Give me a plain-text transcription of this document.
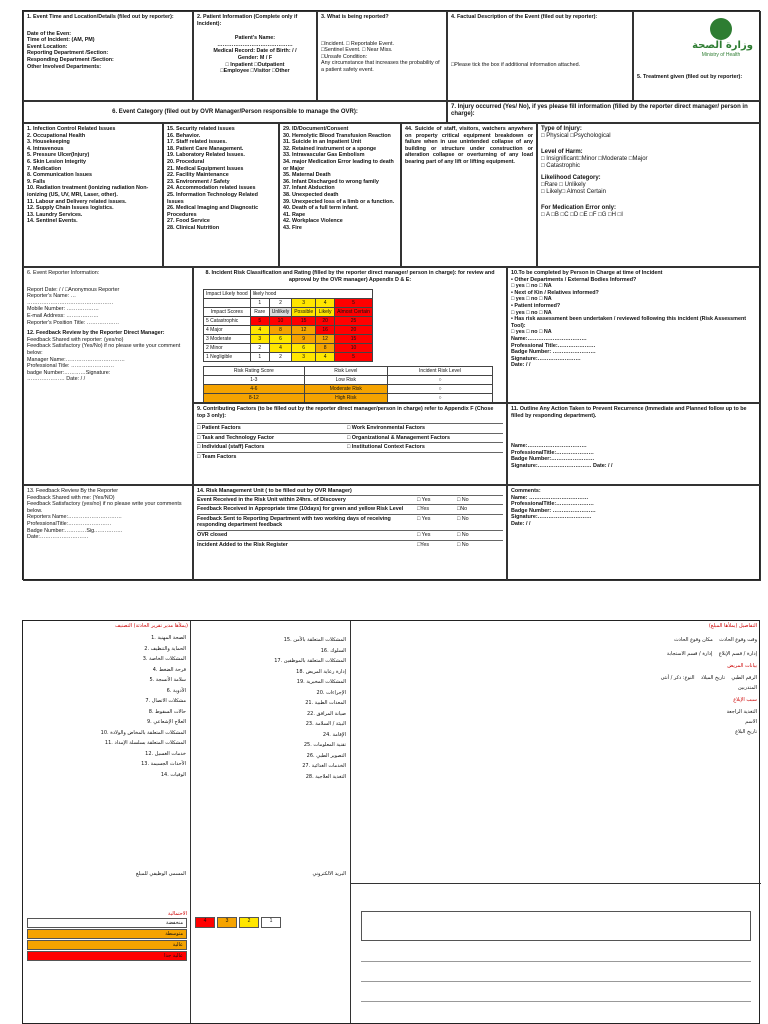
1. Event Time and Location/Details (filed out by reporter):
Date of the Even:
Time of Incident: (AM, PM)
Event Location:
Reporting Department /Section:
Responding Department /Section:
Other Involved Departments:
2. Patient Information (Complete only if Incident):
Patient's Name:
……………………………………
Medical Record: Date of Birth: / /
Gender: M / F
□ Inpatient □Outpatient
□Employee □Visitor □Other
3. What is being reported?
□Incident. □ Reportable Event.
□Sentinel Event. □ Near Miss.
□Unsafe Condition:
Any circumstance that increases the probability of a patient safety event.
4. Factual Description of the Event (filed out by reporter):
□Please tick the box if additional information attached.
وزارة الصحة
Ministry of Health
5. Treatment given (filed out by reporter):
6. Event Category (filed out by OVR Manager/Person responsible to manage the OVR):
7. Injury occurred (Yes/ No), if yes please fill information (filled by the reporter direct manager/ person in charge):
1. Infection Control Related Issues
2. Occupational Health
3. Housekeeping
4. Intravenous
5. Pressure Ulcer(Injury)
6. Skin Lesion Integrity
7. Medication
8. Communication Issues
9. Falls
10. Radiation treatment (ionizing radiation Non-ionizing (US, UV, MRI, Laser, other).
11. Labour and Delivery related issues.
12. Supply Chain Issues logistics.
13. Laundry Services.
14. Sentinel Events.
15. Security related issues
16. Behavior.
17. Staff related issues.
18. Patient Care Management.
19. Laboratory Related Issues.
20. Procedural
21. Medical Equipment Issues
22. Facility Maintenance
23. Environment / Safety
24. Accommodation related issues
25. Information Technology Related Issues
26. Medical Imaging and Diagnostic Procedures
27. Food Service
28. Clinical Nutrition
29. ID/Document/Consent
30. Hemolytic Blood Transfusion Reaction
31. Suicide in an Inpatient Unit
32. Retained instrument or a sponge
33. Intravascular Gas Embolism
34. major Medication Error leading to death or Major
35. Maternal Death
36. Infant Discharged to wrong family
37. Infant Abduction
38. Unexpected death
39. Unexpected loss of a limb or a function.
40. Death of a full term infant.
41. Rape
42. Workplace Violence
43. Fire
44. Suicide of staff, visitors, watchers anywhere on property critical equipment breakdown or failure when in use unintended collapse of any building or structure under construction or alteration collapse or overturning of any load bearing part of any lift or lifting equipment.
Type of Injury:
□ Physical □Psychological
Level of Harm:
□ Insignificant□Minor □Moderate □Major
□ Catastrophic
Likelihood Category:
□Rare □ Unlikely
□ Likely□ Almost Certain
For Medication Error only:
□ A □B □C □D □E □F □G □H □I
6. Event Reporter Information:
Report Date: / / □Anonymous Reporter
Reporter's Name: …
…………………………………………
Mobile Number: ………………
E-mail Address: ………………
Reporter's Position Title: ………………
12. Feedback Review by the Reporter Direct Manager:
Feedback Shared with reporter: (yes/no)
Feedback Satisfactory (Yes/No) if no please write your comment below:
Manager Name:……………………………
Professional Title: ……………………
badge Number:…………Signature:
………………… Date: / /
8. Incident Risk Classification and Rating (filled by the reporter direct manager/ person in charge): for review and approval by the OVR manager) Appendix D & E:
Impact Likely hood	likely hood				
	1	2	3	4	5
Impact Scores	Rare	Unlikely	Possible	Likely	Almost Certain
5 Catastrophic	5	10	15	20	25
4 Major	4	8	12	16	20
3 Moderate	3	6	9	12	15
2 Minor	2	4	6	8	10
1 Negligible	1	2	3	4	5
Risk Rating Score	Risk Level	Incident Risk Level
1-3	Low Risk	○
4-6	Moderate Risk	○
8-12	High Risk	○

10.To be completed by Person in Charge at time of Incident
• Other Departments / External Bodies Informed?
□ yes □ no □ NA
• Next of Kin / Relatives informed?
□ yes □ no □ NA
• Patient informed?
□ yes □ no □ NA
• Has risk assessment been undertaken / reviewed following this incident (Risk Assessment Tool):
□ yes □ no □ NA
Name:……………………………
Professional Title:…………………
Badge Number: ……………………
Signature:……………………
Date: / /
9. Contributing Factors (to be filled out by the reporter direct manager/person in charge) refer to Appendix F (Chose top 3 only):
□ Patient Factors	□ Work Environmental Factors
□ Task and Technology Factor	□ Organizational & Management Factors
□ Individual (staff) Factors	□ Institutional Context Factors
□ Team Factors
11. Outline Any Action Taken to Prevent Recurrence (Immediate and Planned follow up to be filled by responding department).
Name:……………………………
ProfessionalTitle:…………………
Badge Number:……………………
Signature:………………………… Date: / /
13. Feedback Review By the Reporter
Feedback Shared with me: (Yes/NO)
Feedback Satisfactory (yes/no) if no please write your comments below.
Reporters Name:…………………………
ProfessionalTitle:……………………
Badge Number:…………Sig.……………
Date:………………………
14. Risk Management Unit ( to be filled out by OVR Manager)
Event Received in the Risk Unit within 24hrs. of Discovery	□ Yes	□ No
Feedback Received in Appropriate time (10days) for green and yellow Risk Level	□Yes	□No
Feedback Sent to Reporting Department with two working days of receiving responding department feedback
□ Yes	□ No
OVR closed	□ Yes	□ No
Incident Added to the Risk Register	□Yes	□ No
Comments:
Name: ……………………………
ProfessionalTitle:…………………
Badge Number: ……………………
Signature:…………………………
Date: / /
(يملأها مدير تقرير الحادثة) التصنيف
الصحة المهنية .1
الحماية والتنظيف .2
المشكلات الخاصة .3
قرحة الضغط .4
سلامة الأنسجة .5
الأدوية .6
مشكلات الاتصال .7
حالات السقوط .8
العلاج الإشعاعي .9
المشكلات المتعلقة بالمخاض والولادة .10
المشكلات المتعلقة بسلسلة الإمداد .11
خدمات الغسيل .12
الأحداث الجسيمة .13
الوفيات .14
المسمى الوظيفي للمبلغ
الاحتمالية
منخفضة
متوسطة
عالية
عالية جدا
المشكلات المتعلقة بالأمن .15
السلوك .16
المشكلات المتعلقة بالموظفين .17
إدارة رعاية المريض .18
المشكلات المخبرية .19
الإجراءات .20
المعدات الطبية .21
صيانة المرافق .22
البيئة / السلامة .23
الإقامة .24
تقنية المعلومات .25
التصوير الطبي .26
الخدمات الغذائية .27
التغذية العلاجية .28
البريد الالكتروني
4	3	2	1
التفاصيل (يملأها المبلغ)
وقت وقوع الحادث    مكان وقوع الحادث
إدارة / قسم الإبلاغ    إدارة / قسم الاستجابة
بيانات المريض
الرقم الطبي    تاريخ الميلاد    النوع: ذكر / أنثى
المتدربين
سبب الإبلاغ
التغذية الراجعة
الاسم
تاريخ البلاغ
